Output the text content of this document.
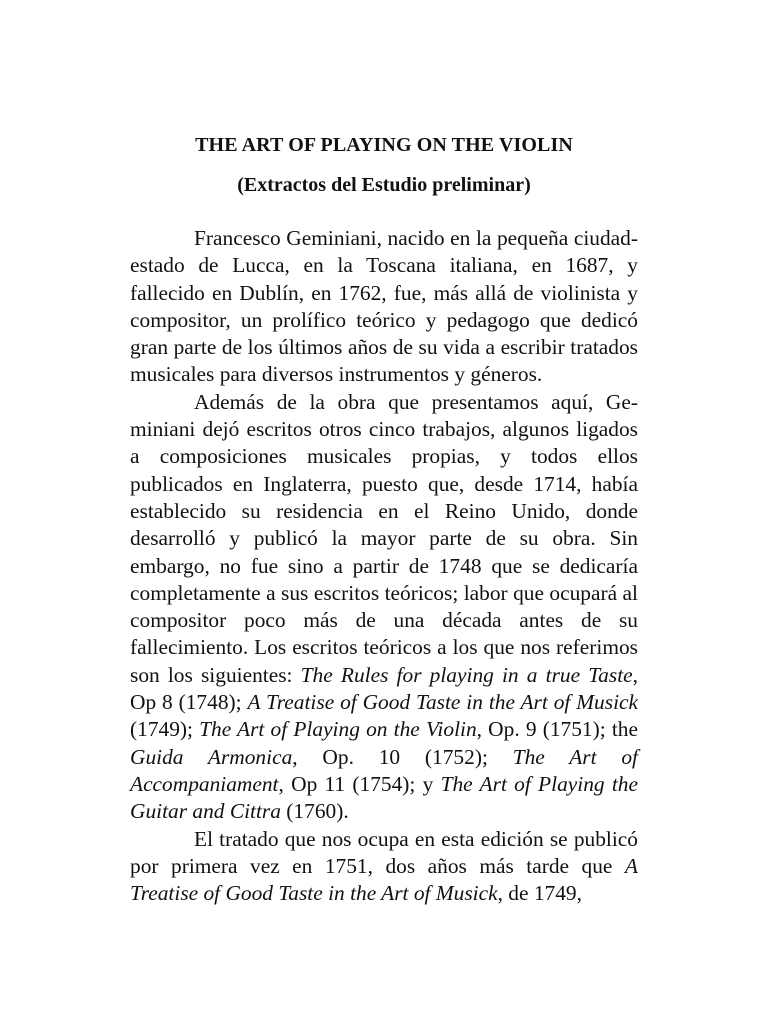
THE ART OF PLAYING ON THE VIOLIN
(Extractos del Estudio preliminar)

Francesco Geminiani, nacido en la pequeña ciudad-estado de Lucca, en la Toscana italiana, en 1687, y fallecido en Dublín, en 1762, fue, más allá de violinista y compositor, un prolífico teórico y pedagogo que dedicó gran parte de los últimos años de su vida a escribir tratados musicales para diversos instrumentos y géneros.

Además de la obra que presentamos aquí, Geminiani dejó escritos otros cinco trabajos, algunos ligados a composiciones musicales propias, y todos ellos publicados en Inglaterra, puesto que, desde 1714, había establecido su residencia en el Reino Unido, donde desarrolló y publicó la mayor parte de su obra. Sin embargo, no fue sino a partir de 1748 que se dedicaría completamente a sus escritos teóricos; labor que ocupará al compositor poco más de una década antes de su fallecimiento. Los escritos teóricos a los que nos referimos son los siguientes: The Rules for playing in a true Taste, Op 8 (1748); A Treatise of Good Taste in the Art of Musick (1749); The Art of Playing on the Violin, Op. 9 (1751); the Guida Armonica, Op. 10 (1752); The Art of Accompaniament, Op 11 (1754); y The Art of Playing the Guitar and Cittra (1760).

El tratado que nos ocupa en esta edición se publicó por primera vez en 1751, dos años más tarde que A Treatise of Good Taste in the Art of Musick, de 1749,
